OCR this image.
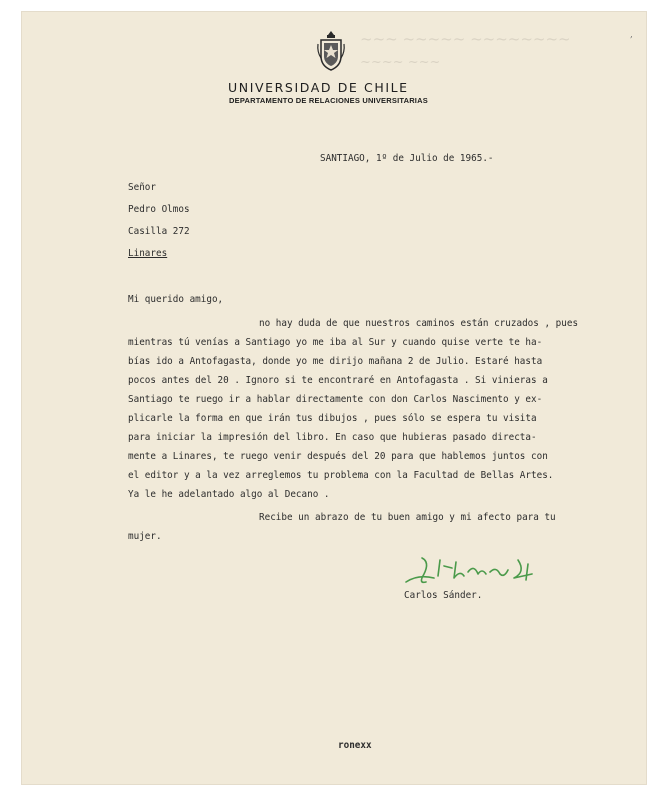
~~~ ~~~~~ ~~~~~~~~
~~~~ ~~~
,
UNIVERSIDAD DE CHILE
DEPARTAMENTO DE RELACIONES UNIVERSITARIAS
SANTIAGO, 1º de Julio de 1965.-
Señor
Pedro Olmos
Casilla 272
Linares
Mi querido amigo,
no hay duda de que nuestros caminos están cruzados , pues
mientras tú venías a Santiago yo me iba al Sur y cuando quise verte te ha-
bías ido a Antofagasta, donde yo me dirijo mañana 2 de Julio. Estaré hasta
pocos antes del 20 . Ignoro si te encontraré en Antofagasta . Si vinieras a
Santiago te ruego ir a hablar directamente con don Carlos Nascimento y ex-
plicarle la forma en que irán tus dibujos , pues sólo se espera tu visita
para iniciar la impresión del libro. En caso que hubieras pasado directa-
mente a Linares, te ruego venir después del 20 para que hablemos juntos con
el editor y a la vez arreglemos tu problema con la Facultad de Bellas Artes.
Ya le he adelantado algo al Decano .
Recibe un abrazo de tu buen amigo y mi afecto para tu
mujer.
Carlos Sánder.
ronexx
